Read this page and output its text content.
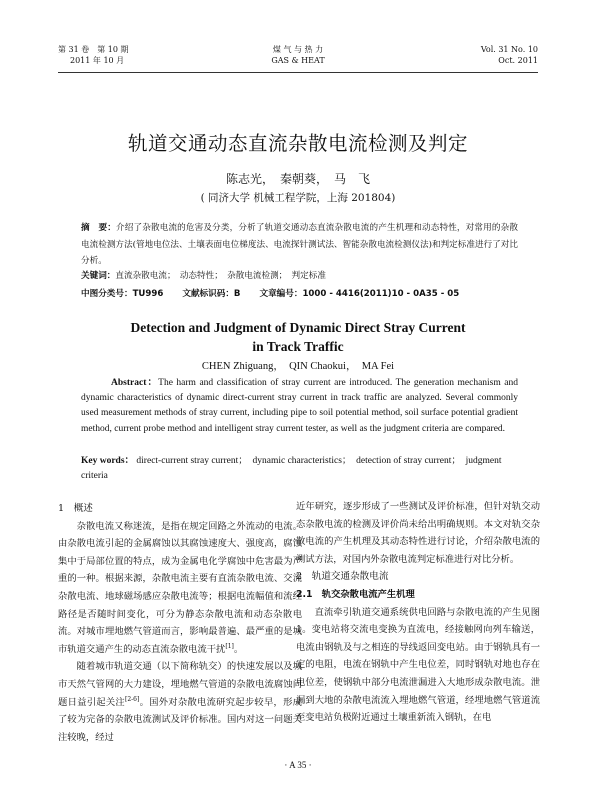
第 31 卷　第 10 期
2011 年 10 月
煤 气 与 热 力
GAS & HEAT
Vol. 31 No. 10
Oct. 2011
轨道交通动态直流杂散电流检测及判定
陈志光，　秦朝葵，　马　飞
( 同济大学 机械工程学院，上海 201804)
摘　要：介绍了杂散电流的危害及分类，分析了轨道交通动态直流杂散电流的产生机理和动态特性，对常用的杂散电流检测方法(管地电位法、土壤表面电位梯度法、电流探针测试法、智能杂散电流检测仪法)和判定标准进行了对比分析。
关键词：直流杂散电流；　动态特性；　杂散电流检测；　判定标准
中图分类号：TU996 文献标识码：B 文章编号：1000 - 4416(2011)10 - 0A35 - 05
Detection and Judgment of Dynamic Direct Stray Current
in Track Traffic
CHEN Zhiguang，　QIN Chaokui，　MA Fei
Abstract：The harm and classification of stray current are introduced. The generation mechanism and dynamic characteristics of dynamic direct-current stray current in track traffic are analyzed. Several commonly used measurement methods of stray current, including pipe to soil potential method, soil surface potential gradient method, current probe method and intelligent stray current tester, as well as the judgment criteria are compared.
Key words： direct-current stray current；　dynamic characteristics；　detection of stray current；　judgment criteria

1　概述

杂散电流又称迷流，是指在规定回路之外流动的电流。由杂散电流引起的金属腐蚀以其腐蚀速度大、强度高，腐蚀集中于局部位置的特点，成为金属电化学腐蚀中危害最为严重的一种。根据来源，杂散电流主要有直流杂散电流、交流杂散电流、地球磁场感应杂散电流等；根据电流幅值和流经路径是否随时间变化，可分为静态杂散电流和动态杂散电流。对城市埋地燃气管道而言，影响最普遍、最严重的是城市轨道交通产生的动态直流杂散电流干扰[1]。

随着城市轨道交通（以下简称轨交）的快速发展以及城市天然气管网的大力建设，埋地燃气管道的杂散电流腐蚀问题日益引起关注[2-6]。国外对杂散电流研究起步较早，形成了较为完备的杂散电流测试及评价标准。国内对这一问题关注较晚，经过

近年研究，逐步形成了一些测试及评价标准，但针对轨交动态杂散电流的检测及评价尚未给出明确规则。本文对轨交杂散电流的产生机理及其动态特性进行讨论，介绍杂散电流的测试方法，对国内外杂散电流判定标准进行对比分析。

2　轨道交通杂散电流

2.1　轨交杂散电流产生机理

直流牵引轨道交通系统供电回路与杂散电流的产生见图 1。变电站将交流电变换为直流电，经接触网向列车输送，电流由钢轨及与之相连的导线返回变电站。由于钢轨具有一定的电阻，电流在钢轨中产生电位差，同时钢轨对地也存在电位差，使钢轨中部分电流泄漏进入大地形成杂散电流。泄漏到大地的杂散电流流入埋地燃气管道，经埋地燃气管道流至变电站负极附近通过土壤重新流入钢轨，在电

· A 35 ·
